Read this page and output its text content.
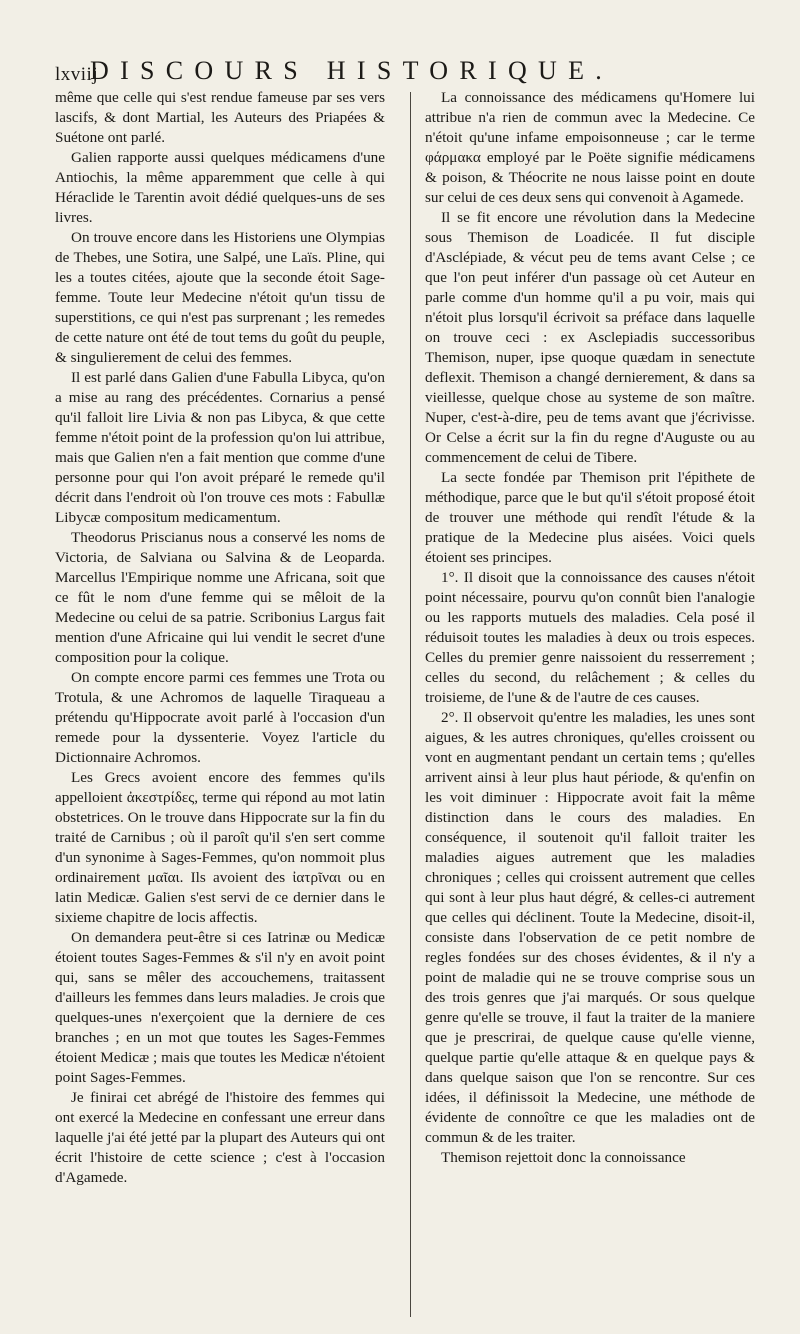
lxviij
DISCOURS HISTORIQUE.

même que celle qui s'est rendue fameuse par ses vers lascifs, & dont Martial, les Auteurs des Priapées & Suétone ont parlé.

Galien rapporte aussi quelques médicamens d'une Antiochis, la même apparemment que celle à qui Héraclide le Tarentin avoit dédié quelques-uns de ses livres.

On trouve encore dans les Historiens une Olympias de Thebes, une Sotira, une Salpé, une Laïs. Pline, qui les a toutes citées, ajoute que la seconde étoit Sage-femme. Toute leur Medecine n'étoit qu'un tissu de superstitions, ce qui n'est pas surprenant ; les remedes de cette nature ont été de tout tems du goût du peuple, & singulierement de celui des femmes.

Il est parlé dans Galien d'une Fabulla Libyca, qu'on a mise au rang des précédentes. Cornarius a pensé qu'il falloit lire Livia & non pas Libyca, & que cette femme n'étoit point de la profession qu'on lui attribue, mais que Galien n'en a fait mention que comme d'une personne pour qui l'on avoit préparé le remede qu'il décrit dans l'endroit où l'on trouve ces mots : Fabullæ Libycæ compositum medicamentum.

Theodorus Priscianus nous a conservé les noms de Victoria, de Salviana ou Salvina & de Leoparda. Marcellus l'Empirique nomme une Africana, soit que ce fût le nom d'une femme qui se mêloit de la Medecine ou celui de sa patrie. Scribonius Largus fait mention d'une Africaine qui lui vendit le secret d'une composition pour la colique.

On compte encore parmi ces femmes une Trota ou Trotula, & une Achromos de laquelle Tiraqueau a prétendu qu'Hippocrate avoit parlé à l'occasion d'un remede pour la dyssenterie. Voyez l'article du Dictionnaire Achromos.

Les Grecs avoient encore des femmes qu'ils appelloient ἀκεστρίδες, terme qui répond au mot latin obstetrices. On le trouve dans Hippocrate sur la fin du traité de Carnibus ; où il paroît qu'il s'en sert comme d'un synonime à Sages-Femmes, qu'on nommoit plus ordinairement μαῖαι. Ils avoient des ἰατρῖναι ou en latin Medicæ. Galien s'est servi de ce dernier dans le sixieme chapitre de locis affectis.

On demandera peut-être si ces Iatrinæ ou Medicæ étoient toutes Sages-Femmes & s'il n'y en avoit point qui, sans se mêler des accouchemens, traitassent d'ailleurs les femmes dans leurs maladies. Je crois que quelques-unes n'exerçoient que la derniere de ces branches ; en un mot que toutes les Sages-Femmes étoient Medicæ ; mais que toutes les Medicæ n'étoient point Sages-Femmes.

Je finirai cet abrégé de l'histoire des femmes qui ont exercé la Medecine en confessant une erreur dans laquelle j'ai été jetté par la plupart des Auteurs qui ont écrit l'histoire de cette science ; c'est à l'occasion d'Agamede.

La connoissance des médicamens qu'Homere lui attribue n'a rien de commun avec la Medecine. Ce n'étoit qu'une infame empoisonneuse ; car le terme φάρμακα employé par le Poëte signifie médicamens & poison, & Théocrite ne nous laisse point en doute sur celui de ces deux sens qui convenoit à Agamede.

Il se fit encore une révolution dans la Medecine sous Themison de Loadicée. Il fut disciple d'Asclépiade, & vécut peu de tems avant Celse ; ce que l'on peut inférer d'un passage où cet Auteur en parle comme d'un homme qu'il a pu voir, mais qui n'étoit plus lorsqu'il écrivoit sa préface dans laquelle on trouve ceci : ex Asclepiadis successoribus Themison, nuper, ipse quoque quædam in senectute deflexit. Themison a changé dernierement, & dans sa vieillesse, quelque chose au systeme de son maître. Nuper, c'est-à-dire, peu de tems avant que j'écrivisse. Or Celse a écrit sur la fin du regne d'Auguste ou au commencement de celui de Tibere.

La secte fondée par Themison prit l'épithete de méthodique, parce que le but qu'il s'étoit proposé étoit de trouver une méthode qui rendît l'étude & la pratique de la Medecine plus aisées. Voici quels étoient ses principes.

1°. Il disoit que la connoissance des causes n'étoit point nécessaire, pourvu qu'on connût bien l'analogie ou les rapports mutuels des maladies. Cela posé il réduisoit toutes les maladies à deux ou trois especes. Celles du premier genre naissoient du resserrement ; celles du second, du relâchement ; & celles du troisieme, de l'une & de l'autre de ces causes.

2°. Il observoit qu'entre les maladies, les unes sont aigues, & les autres chroniques, qu'elles croissent ou vont en augmentant pendant un certain tems ; qu'elles arrivent ainsi à leur plus haut période, & qu'enfin on les voit diminuer : Hippocrate avoit fait la même distinction dans le cours des maladies. En conséquence, il soutenoit qu'il falloit traiter les maladies aigues autrement que les maladies chroniques ; celles qui croissent autrement que celles qui sont à leur plus haut dégré, & celles-ci autrement que celles qui déclinent. Toute la Medecine, disoit-il, consiste dans l'observation de ce petit nombre de regles fondées sur des choses évidentes, & il n'y a point de maladie qui ne se trouve comprise sous un des trois genres que j'ai marqués. Or sous quelque genre qu'elle se trouve, il faut la traiter de la maniere que je prescrirai, de quelque cause qu'elle vienne, quelque partie qu'elle attaque & en quelque pays & dans quelque saison que l'on se rencontre. Sur ces idées, il définissoit la Medecine, une méthode de évidente de connoître ce que les maladies ont de commun & de les traiter.

Themison rejettoit donc la connoissance
